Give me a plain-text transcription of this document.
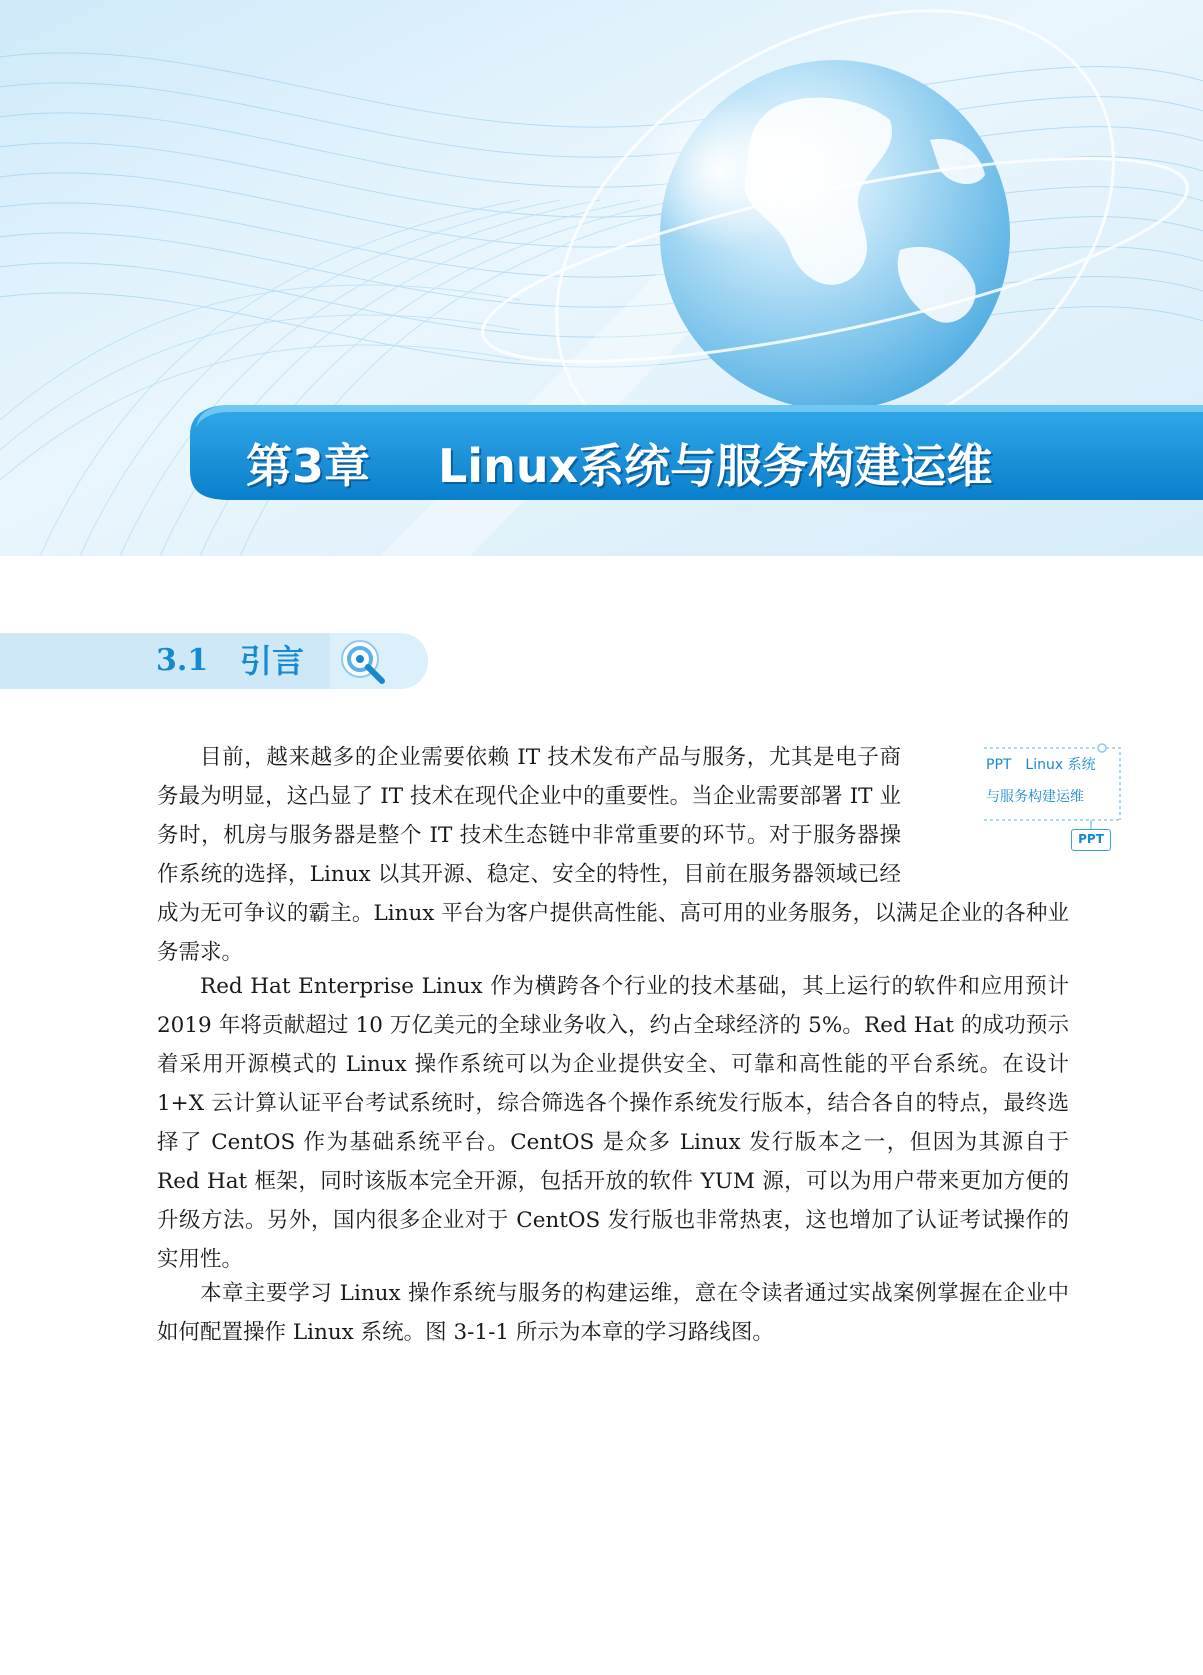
第3章 Linux系统与服务构建运维
3.1 引言
PPT　Linux 系统
与服务构建运维
PPT

目前，越来越多的企业需要依赖 IT 技术发布产品与服务，尤其是电子商务最为明显，这凸显了 IT 技术在现代企业中的重要性。当企业需要部署 IT 业务时，机房与服务器是整个 IT 技术生态链中非常重要的环节。对于服务器操作系统的选择，Linux 以其开源、稳定、安全的特性，目前在服务器领域已经成为无可争议的霸主。Linux 平台为客户提供高性能、高可用的业务服务，以满足企业的各种业务需求。

Red Hat Enterprise Linux 作为横跨各个行业的技术基础，其上运行的软件和应用预计 2019 年将贡献超过 10 万亿美元的全球业务收入，约占全球经济的 5%。Red Hat 的成功预示着采用开源模式的 Linux 操作系统可以为企业提供安全、可靠和高性能的平台系统。在设计 1+X 云计算认证平台考试系统时，综合筛选各个操作系统发行版本，结合各自的特点，最终选择了 CentOS 作为基础系统平台。CentOS 是众多 Linux 发行版本之一，但因为其源自于 Red Hat 框架，同时该版本完全开源，包括开放的软件 YUM 源，可以为用户带来更加方便的升级方法。另外，国内很多企业对于 CentOS 发行版也非常热衷，这也增加了认证考试操作的实用性。

本章主要学习 Linux 操作系统与服务的构建运维，意在令读者通过实战案例掌握在企业中如何配置操作 Linux 系统。图 3-1-1 所示为本章的学习路线图。
